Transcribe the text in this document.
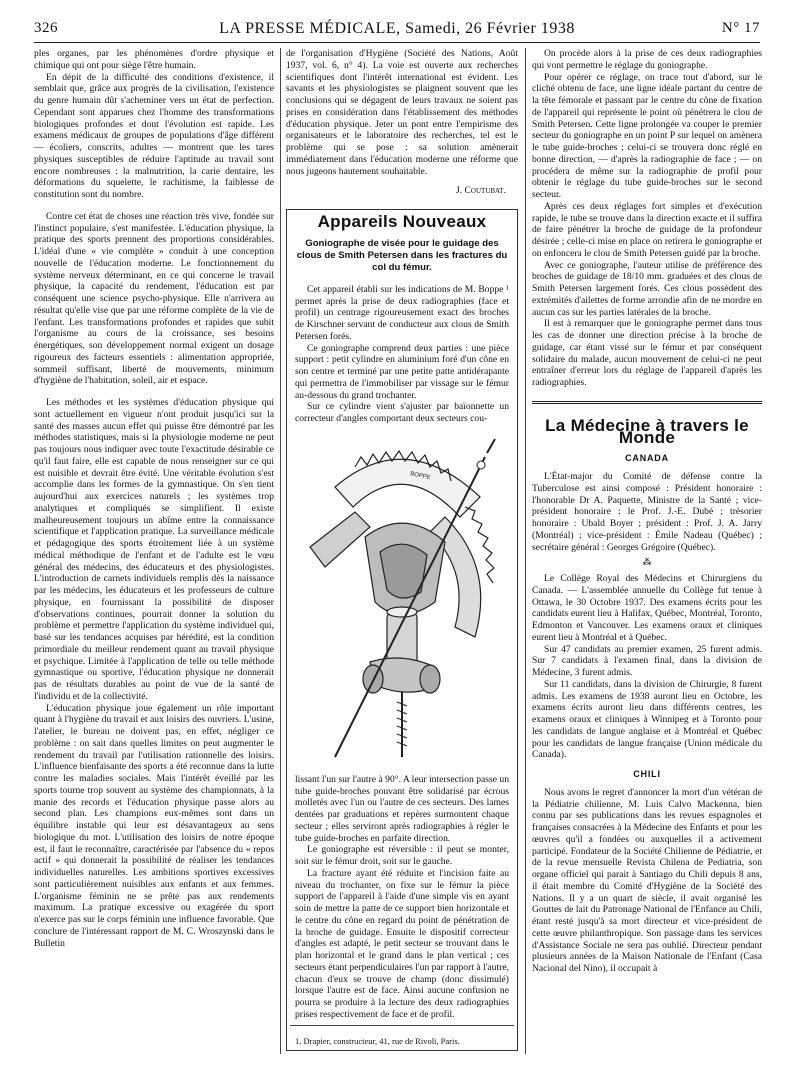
326	LA PRESSE MÉDICALE, Samedi, 26 Février 1938	N° 17

ples organes, par les phénomènes d'ordre physique et chimique qui ont pour siège l'être humain.

En dépit de la difficulté des conditions d'existence, il semblait que, grâce aux progrès de la civilisation, l'existence du genre humain dût s'acheminer vers un état de perfection. Cependant sont apparues chez l'homme des transformations biologiques profondes et dont l'évolution est rapide. Les examens médicaux de groupes de populations d'âge différent — écoliers, conscrits, adultes — montrent que les tares physiques susceptibles de réduire l'aptitude au travail sont encore nombreuses : la malnutrition, la carie dentaire, les déformations du squelette, le rachitisme, la faiblesse de constitution sont du nombre.

Contre cet état de choses une réaction très vive, fondée sur l'instinct populaire, s'est manifestée. L'éducation physique, la pratique des sports prennent des proportions considérables. L'idéal d'une « vie complète » conduit à une conception nouvelle de l'éducation moderne. Le fonctionnement du système nerveux déterminant, en ce qui concerne le travail physique, la capacité du rendement, l'éducation est par conséquent une science psycho-physique. Elle n'arrivera au résultat qu'elle vise que par une réforme complète de la vie de l'enfant. Les transformations profondes et rapides que subit l'organisme au cours de la croissance, ses besoins énergétiques, son développement normal exigent un dosage rigoureux des facteurs essentiels : alimentation appropriée, sommeil suffisant, liberté de mouvements, minimum d'hygiène de l'habitation, soleil, air et espace.

Les méthodes et les systèmes d'éducation physique qui sont actuellement en vigueur n'ont produit jusqu'ici sur la santé des masses aucun effet qui puisse être démontré par les méthodes statistiques, mais si la physiologie moderne ne peut pas toujours nous indiquer avec toute l'exactitude désirable ce qu'il faut faire, elle est capable de nous renseigner sur ce qui est nuisible et devrait être évité. Une véritable évolution s'est accomplie dans les formes de la gymnastique. On s'en tient aujourd'hui aux exercices naturels ; les systèmes trop analytiques et compliqués se simplifient. Il existe malheureusement toujours un abîme entre la connaissance scientifique et l'application pratique. La surveillance médicale et pédagogique des sports étroitement liée à un système médical méthodique de l'enfant et de l'adulte est le vœu général des médecins, des éducateurs et des physiologistes. L'introduction de carnets individuels remplis dès la naissance par les médecins, les éducateurs et les professeurs de culture physique, en fournissant la possibilité de disposer d'observations continues, pourrait donner la solution du problème et permettre l'application du système individuel qui, basé sur les tendances acquises par hérédité, est la condition primordiale du meilleur rendement quant au travail physique et psychique. Limitée à l'application de telle ou telle méthode gymnastique ou sportive, l'éducation physique ne donnerait pas de résultats durables au point de vue de la santé de l'individu et de la collectivité.

L'éducation physique joue également un rôle important quant à l'hygiène du travail et aux loisirs des ouvriers. L'usine, l'atelier, le bureau ne doivent pas, en effet, négliger ce problème : on sait dans quelles limites on peut augmenter le rendement du travail par l'utilisation rationnelle des loisirs. L'influence bienfaisante des sports a été reconnue dans la lutte contre les maladies sociales. Mais l'intérêt éveillé par les sports tourne trop souvent au système des championnats, à la manie des records et l'éducation physique passe alors au second plan. Les champions eux-mêmes sont dans un équilibre instable qui leur est désavantageux au sens biologique du mot. L'utilisation des loisirs de notre époque est, il faut le reconnaître, caractérisée par l'absence du « repos actif » qui donnerait la possibilité de réaliser les tendances individuelles naturelles. Les ambitions sportives excessives sont particulièrement nuisibles aux enfants et aux femmes. L'organisme féminin ne se prête pas aux rendements maximum. La pratique excessive ou exagérée du sport n'exerce pas sur le corps féminin une influence favorable. Que conclure de l'intéressant rapport de M. C. Wroszynski dans le Bulletin

de l'organisation d'Hygiène (Société des Nations, Août 1937, vol. 6, n° 4). La voie est ouverte aux recherches scientifiques dont l'intérêt international est évident. Les savants et les physiologistes se plaignent souvent que les conclusions qui se dégagent de leurs travaux ne soient pas prises en considération dans l'établissement des méthodes d'éducation physique. Jeter un pont entre l'empirisme des organisateurs et le laboratoire des recherches, tel est le problème qui se pose : sa solution amènerait immédiatement dans l'éducation moderne une réforme que nous jugeons hautement souhaitable.

J. Coutubat.

Appareils Nouveaux
Goniographe de visée pour le guidage des clous de Smith Petersen dans les fractures du col du fémur.

Cet appareil établi sur les indications de M. Boppe ¹ permet après la prise de deux radiographies (face et profil) un centrage rigoureusement exact des broches de Kirschner servant de conducteur aux clous de Smith Petersen forés.

Ce goniographe comprend deux parties : une pièce support : petit cylindre en aluminium foré d'un cône en son centre et terminé par une petite patte antidérapante qui permettra de l'immobiliser par vissage sur le fémur au-dessous du grand trochanter.

Sur ce cylindre vient s'ajuster par baïonnette un correcteur d'angles comportant deux secteurs cou-

BOPPE

lissant l'un sur l'autre à 90°. A leur intersection passe un tube guide-broches pouvant être solidarisé par écrous molletés avec l'un ou l'autre de ces secteurs. Des lames dentées par graduations et repères surmontent chaque secteur ; elles serviront après radiographies à régler le tube guide-broches en parfaite direction.

Le goniographe est réversible : il peut se monter, soit sur le fémur droit, soit sur le gauche.

La fracture ayant été réduite et l'incision faite au niveau du trochanter, on fixe sur le fémur la pièce support de l'appareil à l'aide d'une simple vis en ayant soin de mettre la patte de ce support bien horizontale et le centre du cône en regard du point de pénétration de la broche de guidage. Ensuite le dispositif correcteur d'angles est adapté, le petit secteur se trouvant dans le plan horizontal et le grand dans le plan vertical ; ces secteurs étant perpendiculaires l'un par rapport à l'autre, chacun d'eux se trouve de champ (donc dissimulé) lorsque l'autre est de face. Ainsi aucune confusion ne pourra se produire à la lecture des deux radiographies prises respectivement de face et de profil.

1. Drapier, constructeur, 41, rue de Rivoli, Paris.

On procède alors à la prise de ces deux radiographies qui vont permettre le réglage du goniographe.

Pour opérer ce réglage, on trace tout d'abord, sur le cliché obtenu de face, une ligne idéale partant du centre de la tête fémorale et passant par le centre du cône de fixation de l'appareil qui représente le point où pénétrera le clou de Smith Petersen. Cette ligne prolongée va couper le premier secteur du goniographe en un point P sur lequel on amènera le tube guide-broches ; celui-ci se trouvera donc réglé en bonne direction, — d'après la radiographie de face ; — on procédera de même sur la radiographie de profil pour obtenir le réglage du tube guide-broches sur le second secteur.

Après ces deux réglages fort simples et d'exécution rapide, le tube se trouve dans la direction exacte et il suffira de faire pénétrer la broche de guidage de la profondeur désirée ; celle-ci mise en place on retirera le goniographe et on enfoncera le clou de Smith Petersen guidé par la broche.

Avec ce goniographe, l'auteur utilise de préférence des broches de guidage de 18/10 mm. graduées et des clous de Smith Petersen largement forés. Ces clous possèdent des extrémités d'ailettes de forme arrondie afin de ne mordre en aucun cas sur les parties latérales de la broche.

Il est à remarquer que le goniographe permet dans tous les cas de donner une direction précise à la broche de guidage, car étant vissé sur le fémur et par conséquent solidaire du malade, aucun mouvement de celui-ci ne peut entraîner d'erreur lors du réglage de l'appareil d'après les radiographies.

La Médecine à travers le Monde
CANADA

L'État-major du Comité de défense contre la Tuberculose est ainsi composé : Président honoraire : l'honorable Dr A. Paquette, Ministre de la Santé ; vice-président honoraire : le Prof. J.-E. Dubé ; trésorier honoraire : Ubald Boyer ; président : Prof. J. A. Jarry (Montréal) ; vice-président : Émile Nadeau (Québec) ; secrétaire général : Georges Grégoire (Québec).

⁂

Le Collège Royal des Médecins et Chirurgiens du Canada. — L'assemblée annuelle du Collège fut tenue à Ottawa, le 30 Octobre 1937. Des examens écrits pour les candidats eurent lieu à Halifax, Québec, Montréal, Toronto, Edmonton et Vancouver. Les examens oraux et cliniques eurent lieu à Montréal et à Québec.

Sur 47 candidats au premier examen, 25 furent admis. Sur 7 candidats à l'examen final, dans la division de Médecine, 3 furent admis.

Sur 11 candidats, dans la division de Chirurgie, 8 furent admis. Les examens de 1938 auront lieu en Octobre, les examens écrits auront lieu dans différents centres, les examens oraux et cliniques à Winnipeg et à Toronto pour les candidats de langue anglaise et à Montréal et Québec pour les candidats de langue française (Union médicale du Canada).

CHILI

Nous avons le regret d'annoncer la mort d'un vétéran de la Pédiatrie chilienne, M. Luis Calvo Mackenna, bien connu par ses publications dans les revues espagnoles et françaises consacrées à la Médecine des Enfants et pour les œuvres qu'il a fondées ou auxquelles il a activement participé. Fondateur de la Société Chilienne de Pédiatrie, et de la revue mensuelle Revista Chilena de Pediatria, son organe officiel qui parait à Santiago du Chili depuis 8 ans, il était membre du Comité d'Hygiène de la Société des Nations. Il y a un quart de siècle, il avait organisé les Gouttes de lait du Patronage National de l'Enfance au Chili, étant resté jusqu'à sa mort directeur et vice-président de cette œuvre philanthropique. Son passage dans les services d'Assistance Sociale ne sera pas oublié. Directeur pendant plusieurs années de la Maison Nationale de l'Enfant (Casa Nacional del Nino), il occupait à
